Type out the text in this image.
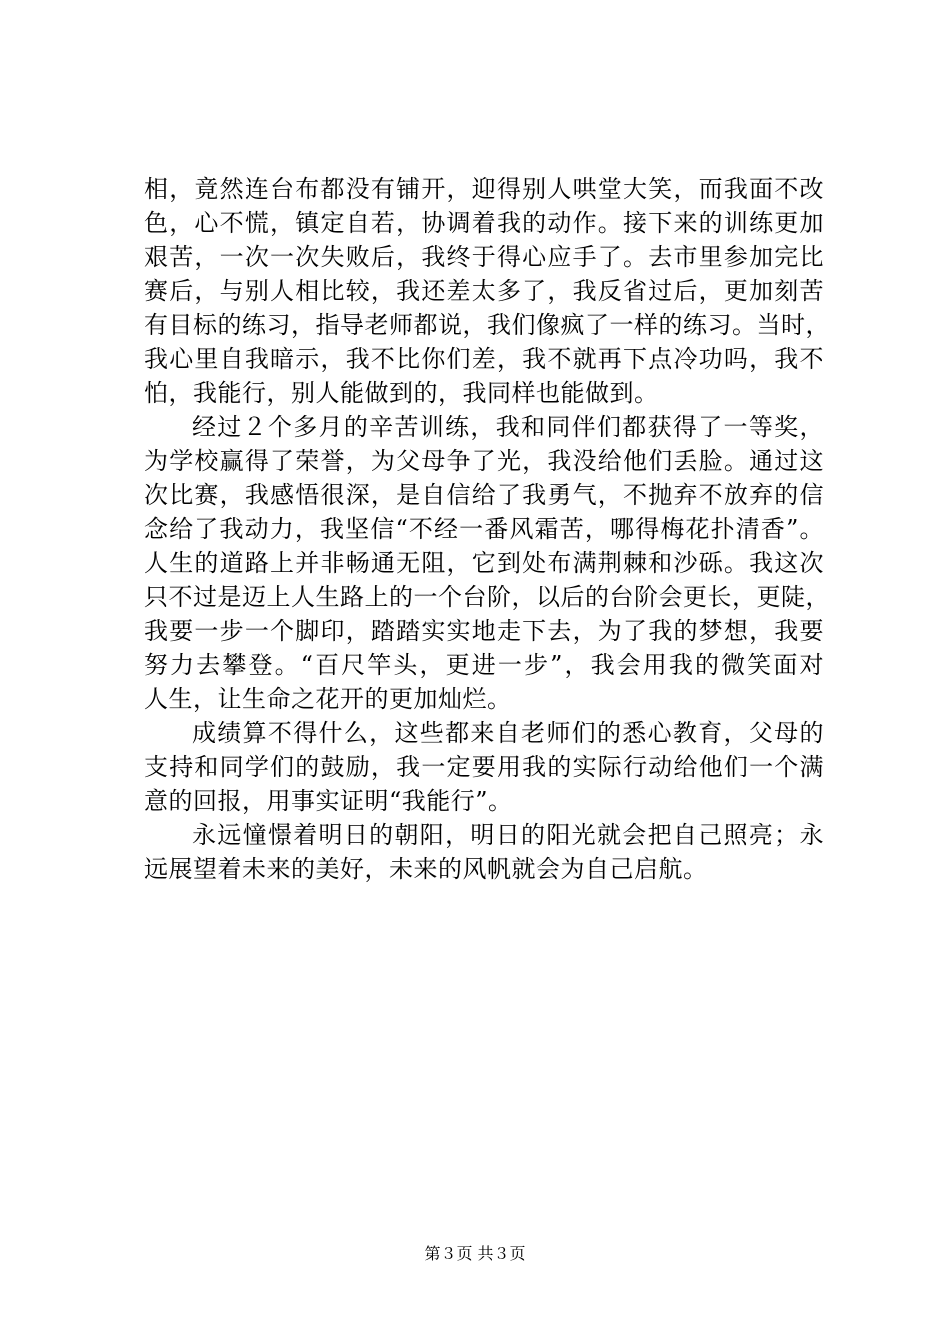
相，竟然连台布都没有铺开，迎得别人哄堂大笑，而我面不改
色，心不慌，镇定自若，协调着我的动作。接下来的训练更加
艰苦，一次一次失败后，我终于得心应手了。去市里参加完比
赛后，与别人相比较，我还差太多了，我反省过后，更加刻苦
有目标的练习，指导老师都说，我们像疯了一样的练习。当时，
我心里自我暗示，我不比你们差，我不就再下点冷功吗，我不
怕，我能行，别人能做到的，我同样也能做到。
经过２个多月的辛苦训练，我和同伴们都获得了一等奖，
为学校赢得了荣誉，为父母争了光，我没给他们丢脸。通过这
次比赛，我感悟很深，是自信给了我勇气，不抛弃不放弃的信
念给了我动力，我坚信“不经一番风霜苦，哪得梅花扑清香”。
人生的道路上并非畅通无阻，它到处布满荆棘和沙砾。我这次
只不过是迈上人生路上的一个台阶，以后的台阶会更长，更陡，
我要一步一个脚印，踏踏实实地走下去，为了我的梦想，我要
努力去攀登。“百尺竿头，更进一步”，我会用我的微笑面对
人生，让生命之花开的更加灿烂。
成绩算不得什么，这些都来自老师们的悉心教育，父母的
支持和同学们的鼓励，我一定要用我的实际行动给他们一个满
意的回报，用事实证明“我能行”。
永远憧憬着明日的朝阳，明日的阳光就会把自己照亮；永
远展望着未来的美好，未来的风帆就会为自己启航。
第３页 共３页
